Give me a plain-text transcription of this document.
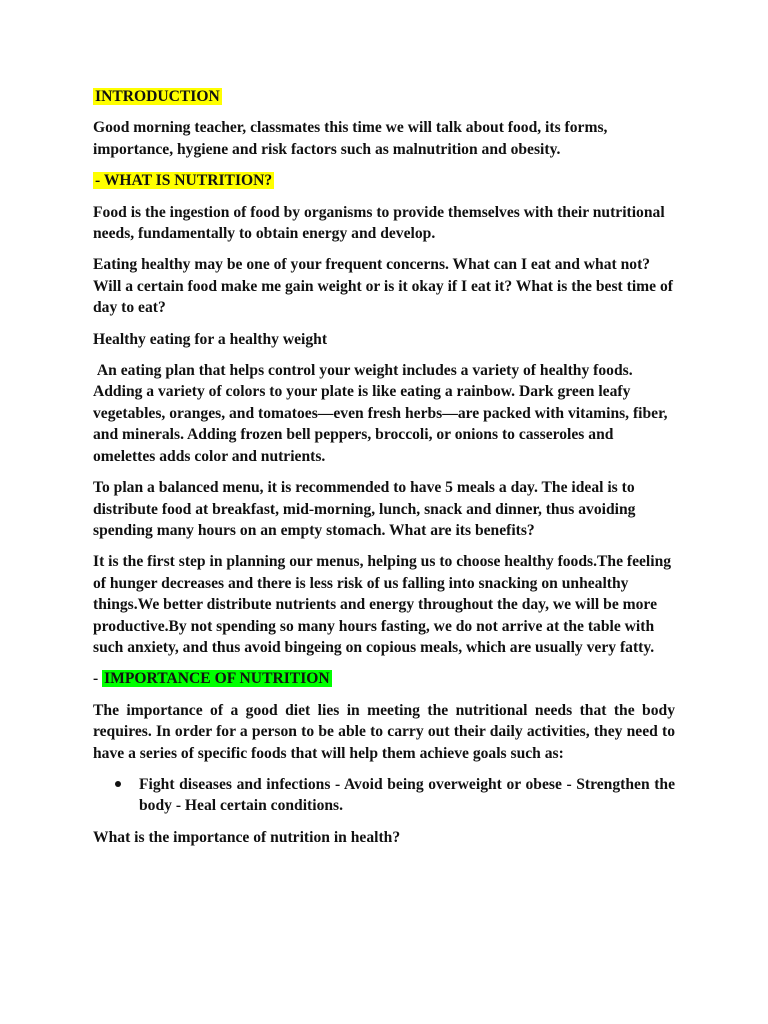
INTRODUCTION

Good morning teacher, classmates this time we will talk about food, its forms, importance, hygiene and risk factors such as malnutrition and obesity.

- WHAT IS NUTRITION?

Food is the ingestion of food by organisms to provide themselves with their nutritional needs, fundamentally to obtain energy and develop.

Eating healthy may be one of your frequent concerns. What can I eat and what not? Will a certain food make me gain weight or is it okay if I eat it? What is the best time of day to eat?

Healthy eating for a healthy weight

An eating plan that helps control your weight includes a variety of healthy foods. Adding a variety of colors to your plate is like eating a rainbow. Dark green leafy vegetables, oranges, and tomatoes—even fresh herbs—are packed with vitamins, fiber, and minerals. Adding frozen bell peppers, broccoli, or onions to casseroles and omelettes adds color and nutrients.

To plan a balanced menu, it is recommended to have 5 meals a day. The ideal is to distribute food at breakfast, mid-morning, lunch, snack and dinner, thus avoiding spending many hours on an empty stomach. What are its benefits?

It is the first step in planning our menus, helping us to choose healthy foods.The feeling of hunger decreases and there is less risk of us falling into snacking on unhealthy things.We better distribute nutrients and energy throughout the day, we will be more productive.By not spending so many hours fasting, we do not arrive at the table with such anxiety, and thus avoid bingeing on copious meals, which are usually very fatty.

- IMPORTANCE OF NUTRITION

The importance of a good diet lies in meeting the nutritional needs that the body requires. In order for a person to be able to carry out their daily activities, they need to have a series of specific foods that will help them achieve goals such as:

Fight diseases and infections - Avoid being overweight or obese - Strengthen the body - Heal certain conditions.

What is the importance of nutrition in health?
